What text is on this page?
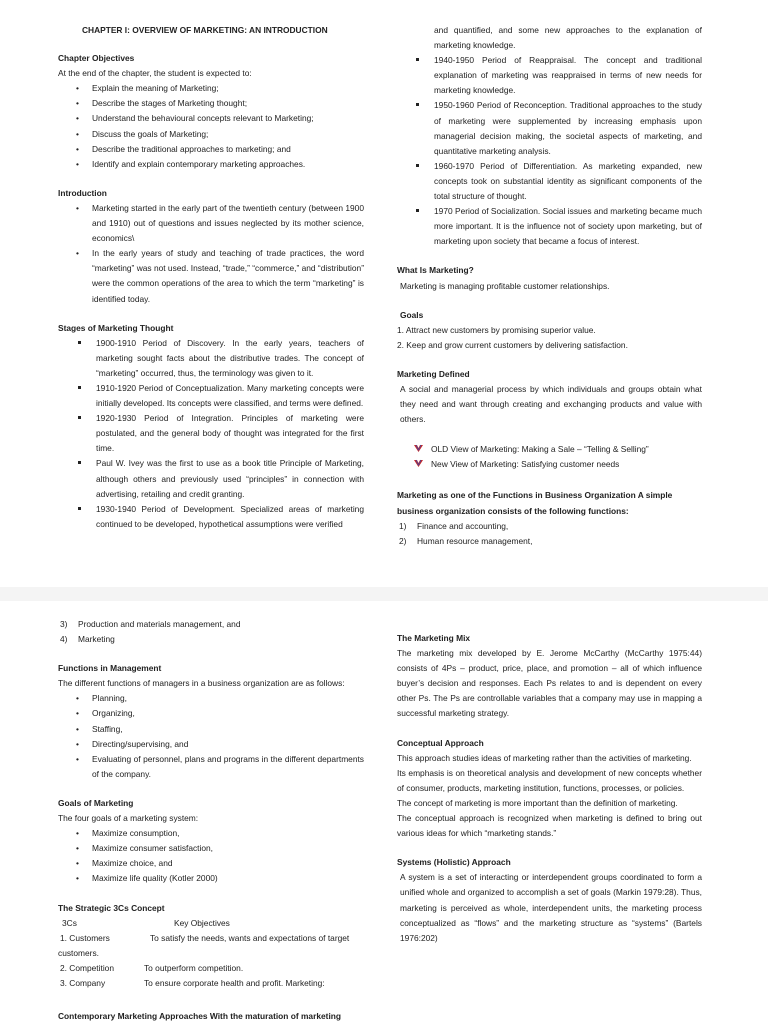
CHAPTER I: OVERVIEW OF MARKETING: AN INTRODUCTION
Chapter Objectives
At the end of the chapter, the student is expected to:
• Explain the meaning of Marketing;
• Describe the stages of Marketing thought;
• Understand the behavioural concepts relevant to Marketing;
• Discuss the goals of Marketing;
• Describe the traditional approaches to marketing; and
• Identify and explain contemporary marketing approaches.
Introduction
• Marketing started in the early part of the twentieth century (between 1900 and 1910) out of questions and issues neglected by its mother science, economics\
• In the early years of study and teaching of trade practices, the word “marketing” was not used. Instead, “trade,” “commerce,” and “distribution” were the common operations of the area to which the term “marketing” is identified today.
Stages of Marketing Thought
1900-1910 Period of Discovery. In the early years, teachers of marketing sought facts about the distributive trades. The concept of “marketing” occurred, thus, the terminology was given to it.
1910-1920 Period of Conceptualization. Many marketing concepts were initially developed. Its concepts were classified, and terms were defined.
1920-1930 Period of Integration. Principles of marketing were postulated, and the general body of thought was integrated for the first time.
Paul W. Ivey was the first to use as a book title Principle of Marketing, although others and previously used “principles” in connection with advertising, retailing and credit granting.
1930-1940 Period of Development. Specialized areas of marketing continued to be developed, hypothetical assumptions were verified
and quantified, and some new approaches to the explanation of marketing knowledge.
1940-1950 Period of Reappraisal. The concept and traditional explanation of marketing was reappraised in terms of new needs for marketing knowledge.
1950-1960 Period of Reconception. Traditional approaches to the study of marketing were supplemented by increasing emphasis upon managerial decision making, the societal aspects of marketing, and quantitative marketing analysis.
1960-1970 Period of Differentiation. As marketing expanded, new concepts took on substantial identity as significant components of the total structure of thought.
1970 Period of Socialization. Social issues and marketing became much more important. It is the influence not of society upon marketing, but of marketing upon society that became a focus of interest.
What Is Marketing?
Marketing is managing profitable customer relationships.
Goals
1. Attract new customers by promising superior value.
2. Keep and grow current customers by delivering satisfaction.
Marketing Defined
A social and managerial process by which individuals and groups obtain what they need and want through creating and exchanging products and value with others.
OLD View of Marketing: Making a Sale – “Telling & Selling”
New View of Marketing: Satisfying customer needs
Marketing as one of the Functions in Business Organization A simple business organization consists of the following functions:
1) Finance and accounting,
2) Human resource management,
3) Production and materials management, and
4) Marketing
Functions in Management
The different functions of managers in a business organization are as follows:
• Planning,
• Organizing,
• Staffing,
• Directing/supervising, and
• Evaluating of personnel, plans and programs in the different departments of the company.
Goals of Marketing
The four goals of a marketing system:
• Maximize consumption,
• Maximize consumer satisfaction,
• Maximize choice, and
• Maximize life quality (Kotler 2000)
The Strategic 3Cs Concept
3Cs	Key Objectives
1. Customers	To satisfy the needs, wants and expectations of target customers.
2. Competition	To outperform competition.
3. Company	To ensure corporate health and profit. Marketing:
Contemporary Marketing Approaches With the maturation of marketing
The Marketing Mix
The marketing mix developed by E. Jerome McCarthy (McCarthy 1975:44) consists of 4Ps – product, price, place, and promotion – all of which influence buyer’s decision and responses. Each Ps relates to and is dependent on every other Ps. The Ps are controllable variables that a company may use in mapping a successful marketing strategy.
Conceptual Approach
This approach studies ideas of marketing rather than the activities of marketing.
Its emphasis is on theoretical analysis and development of new concepts whether of consumer, products, marketing institution, functions, processes, or policies.
The concept of marketing is more important than the definition of marketing.
The conceptual approach is recognized when marketing is defined to bring out various ideas for which “marketing stands.”
Systems (Holistic) Approach
A system is a set of interacting or interdependent groups coordinated to form a unified whole and organized to accomplish a set of goals (Markin 1979:28). Thus, marketing is perceived as whole, interdependent units, the marketing process conceptualized as “flows” and the marketing structure as “systems” (Bartels 1976:202)
